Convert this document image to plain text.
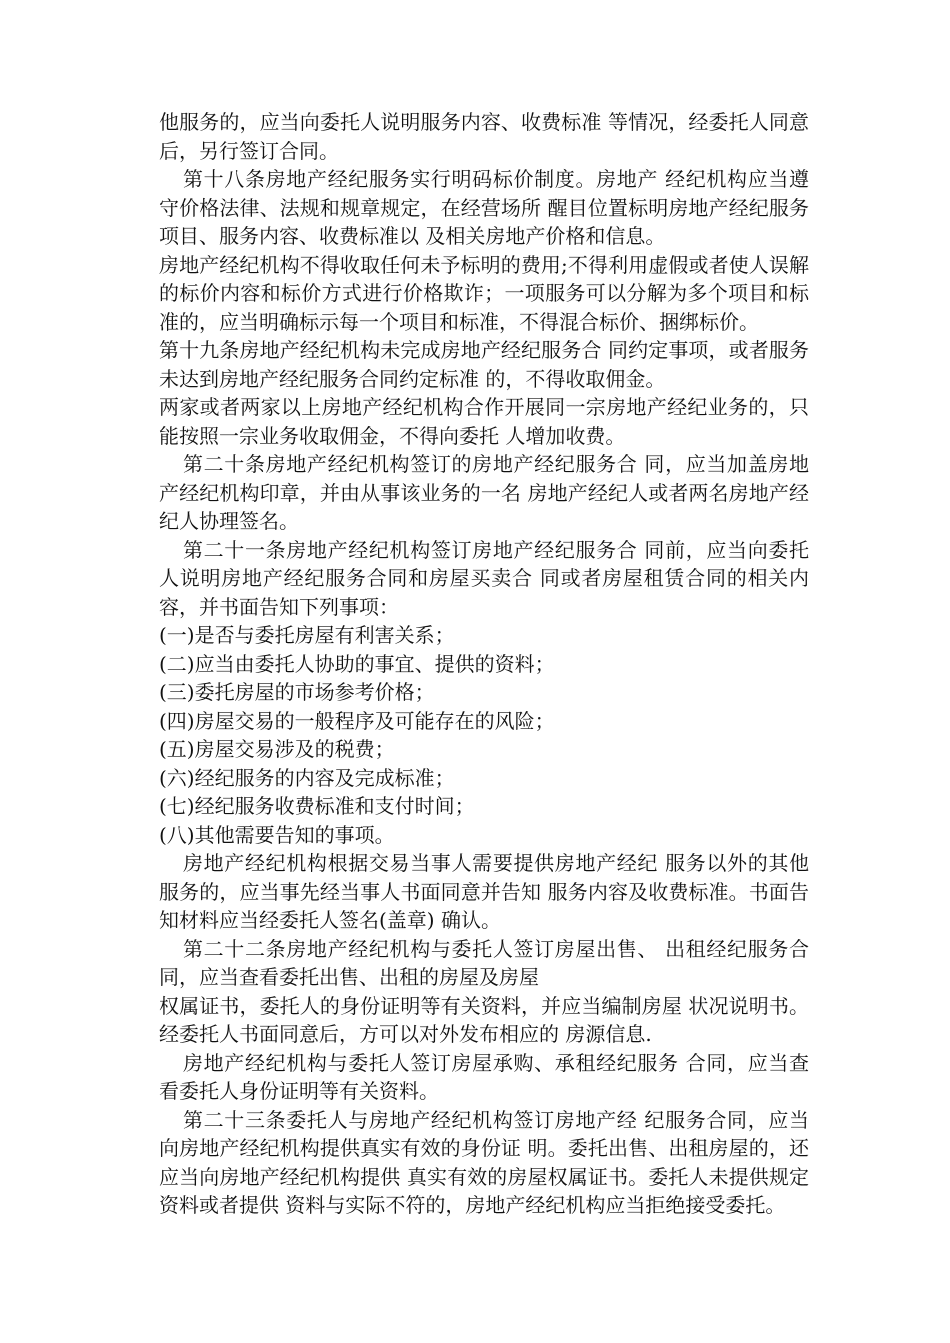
他服务的，应当向委托人说明服务内容、收费标准 等情况，经委托人同意后，另行签订合同。

第十八条房地产经纪服务实行明码标价制度。房地产 经纪机构应当遵守价格法律、法规和规章规定，在经营场所 醒目位置标明房地产经纪服务项目、服务内容、收费标准以 及相关房地产价格和信息。

房地产经纪机构不得收取任何未予标明的费用;不得利用虚假或者使人误解的标价内容和标价方式进行价格欺诈；一项服务可以分解为多个项目和标准的，应当明确标示每一个项目和标准，不得混合标价、捆绑标价。

第十九条房地产经纪机构未完成房地产经纪服务合 同约定事项，或者服务未达到房地产经纪服务合同约定标准 的，不得收取佣金。

两家或者两家以上房地产经纪机构合作开展同一宗房地产经纪业务的，只能按照一宗业务收取佣金，不得向委托 人增加收费。

第二十条房地产经纪机构签订的房地产经纪服务合 同，应当加盖房地产经纪机构印章，并由从事该业务的一名 房地产经纪人或者两名房地产经纪人协理签名。

第二十一条房地产经纪机构签订房地产经纪服务合 同前，应当向委托人说明房地产经纪服务合同和房屋买卖合 同或者房屋租赁合同的相关内容，并书面告知下列事项：

(一)是否与委托房屋有利害关系；

(二)应当由委托人协助的事宜、提供的资料；

(三)委托房屋的市场参考价格；

(四)房屋交易的一般程序及可能存在的风险；

(五)房屋交易涉及的税费；

(六)经纪服务的内容及完成标准；

(七)经纪服务收费标准和支付时间；

(八)其他需要告知的事项。

房地产经纪机构根据交易当事人需要提供房地产经纪 服务以外的其他服务的，应当事先经当事人书面同意并告知 服务内容及收费标准。书面告知材料应当经委托人签名(盖章) 确认。

第二十二条房地产经纪机构与委托人签订房屋出售、 出租经纪服务合同，应当查看委托出售、出租的房屋及房屋

权属证书，委托人的身份证明等有关资料，并应当编制房屋 状况说明书。经委托人书面同意后，方可以对外发布相应的 房源信息.

房地产经纪机构与委托人签订房屋承购、承租经纪服务 合同，应当查看委托人身份证明等有关资料。

第二十三条委托人与房地产经纪机构签订房地产经 纪服务合同，应当向房地产经纪机构提供真实有效的身份证 明。委托出售、出租房屋的，还应当向房地产经纪机构提供 真实有效的房屋权属证书。委托人未提供规定资料或者提供 资料与实际不符的，房地产经纪机构应当拒绝接受委托。
